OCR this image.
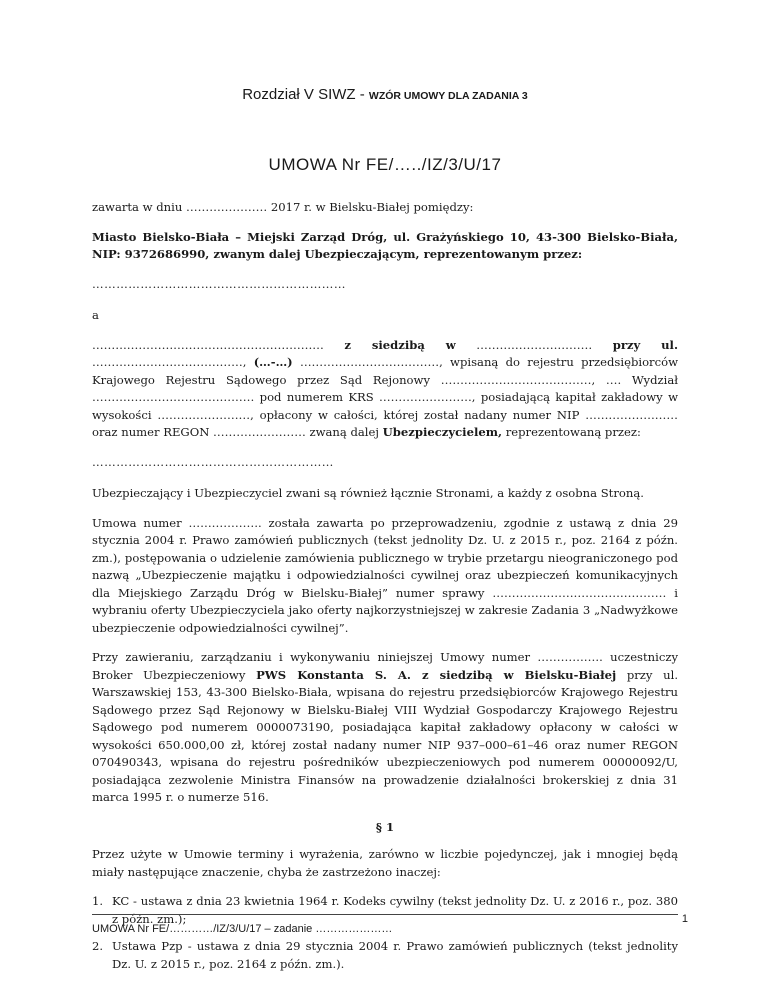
Rozdział V SIWZ - WZÓR UMOWY DLA ZADANIA 3
UMOWA Nr FE/…../IZ/3/U/17

zawarta w dniu ………………… 2017 r. w Bielsku-Białej pomiędzy:

Miasto Bielsko-Biała – Miejski Zarząd Dróg, ul. Grażyńskiego 10, 43-300 Bielsko-Biała, NIP: 9372686990, zwanym dalej Ubezpieczającym, reprezentowanym przez:

………………………………………………………

a

…………………………………………………… z siedzibą w ………………………… przy ul. …………………………………, (…-…) ………………………………, wpisaną do rejestru przedsiębiorców Krajowego Rejestru Sądowego przez Sąd Rejonowy …………………………………, …. Wydział …………………………………… pod numerem KRS ……………………, posiadającą kapitał zakładowy w wysokości ……………………, opłacony w całości, której został nadany numer NIP …………………… oraz numer REGON …………………… zwaną dalej Ubezpieczycielem, reprezentowaną przez:

……………………………………………………

Ubezpieczający i Ubezpieczyciel zwani są również łącznie Stronami, a każdy z osobna Stroną.

Umowa numer ………………. została zawarta po przeprowadzeniu, zgodnie z ustawą z dnia 29 stycznia 2004 r. Prawo zamówień publicznych (tekst jednolity Dz. U. z 2015 r., poz. 2164 z późn. zm.), postępowania o udzielenie zamówienia publicznego w trybie przetargu nieograniczonego pod nazwą „Ubezpieczenie majątku i odpowiedzialności cywilnej oraz ubezpieczeń komunikacyjnych dla Miejskiego Zarządu Dróg w Bielsku-Białej” numer sprawy ……………………………………… i wybraniu oferty Ubezpieczyciela jako oferty najkorzystniejszej w zakresie Zadania 3 „Nadwyżkowe ubezpieczenie odpowiedzialności cywilnej”.

Przy zawieraniu, zarządzaniu i wykonywaniu niniejszej Umowy numer …………….. uczestniczy Broker Ubezpieczeniowy PWS Konstanta S. A. z siedzibą w Bielsku-Białej przy ul. Warszawskiej 153, 43-300 Bielsko-Biała, wpisana do rejestru przedsiębiorców Krajowego Rejestru Sądowego przez Sąd Rejonowy w Bielsku-Białej VIII Wydział Gospodarczy Krajowego Rejestru Sądowego pod numerem 0000073190, posiadająca kapitał zakładowy opłacony w całości w wysokości 650.000,00 zł, której został nadany numer NIP 937–000–61–46 oraz numer REGON 070490343, wpisana do rejestru pośredników ubezpieczeniowych pod numerem 00000092/U, posiadająca zezwolenie Ministra Finansów na prowadzenie działalności brokerskiej z dnia 31 marca 1995 r. o numerze 516.

§ 1

Przez użyte w Umowie terminy i wyrażenia, zarówno w liczbie pojedynczej, jak i mnogiej będą miały następujące znaczenie, chyba że zastrzeżono inaczej:

1. KC - ustawa z dnia 23 kwietnia 1964 r. Kodeks cywilny (tekst jednolity Dz. U. z 2016 r., poz. 380 z późn. zm.);
2. Ustawa Pzp - ustawa z dnia 29 stycznia 2004 r. Prawo zamówień publicznych (tekst jednolity Dz. U. z 2015 r., poz. 2164 z późn. zm.).
1
UMOWA Nr FE/…………/IZ/3/U/17 – zadanie …………………
